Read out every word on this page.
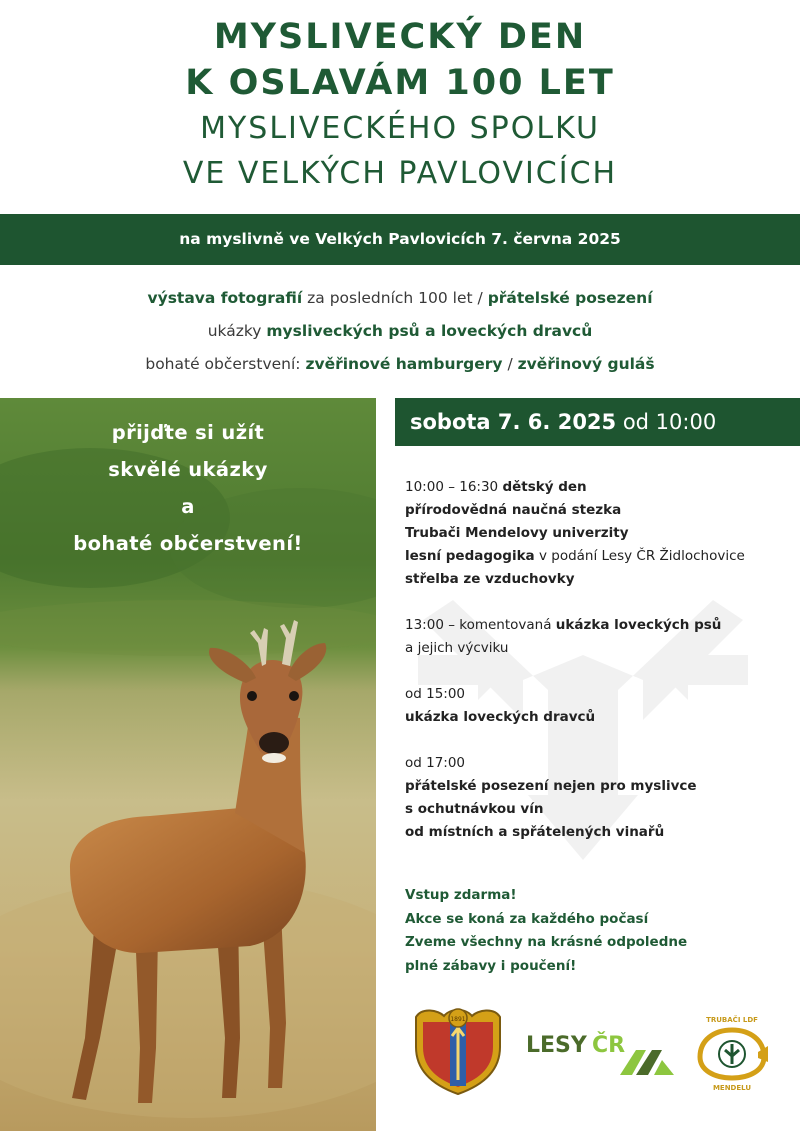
MYSLIVECKÝ DEN
K OSLAVÁM 100 LET
MYSLIVECKÉHO SPOLKU
VE VELKÝCH PAVLOVICÍCH
na myslivně ve Velkých Pavlovicích 7. června 2025
výstava fotografií za posledních 100 let / přátelské posezení
ukázky mysliveckých psů a loveckých dravců
bohaté občerstvení: zvěřinové hamburgery / zvěřinový guláš
přijďte si užít
skvělé ukázky
a
bohaté občerstvení!
sobota 7. 6. 2025 od 10:00
10:00 – 16:30 dětský den
přírodovědná naučná stezka
Trubači Mendelovy univerzity
lesní pedagogika v podání Lesy ČR Židlochovice
střelba ze vzduchovky
13:00 – komentovaná ukázka loveckých psů
a jejich výcviku
od 15:00
ukázka loveckých dravců
od 17:00
přátelské posezení nejen pro myslivce
s ochutnávkou vín
od místních a spřátelených vinařů
Vstup zdarma!
Akce se koná za každého počasí
Zveme všechny na krásné odpoledne
plné zábavy i poučení!
1891
LESY ČR
TRUBAČI LDF
MENDELU
